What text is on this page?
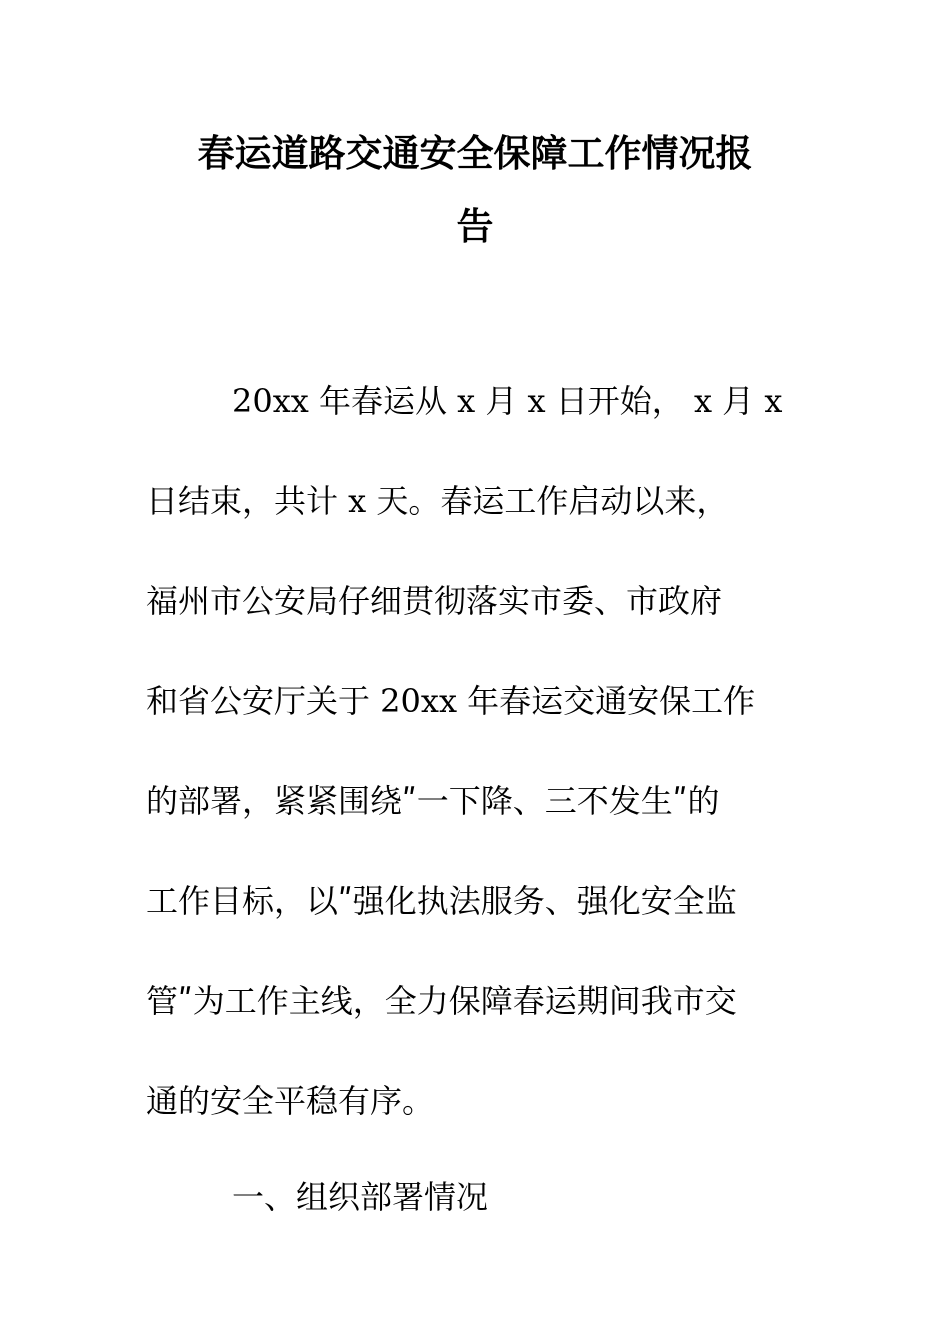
春运道路交通安全保障工作情况报
告
20xx 年春运从 x 月 x 日开始， x 月 x
日结束，共计 x 天。春运工作启动以来，
福州市公安局仔细贯彻落实市委、市政府
和省公安厅关于 20xx 年春运交通安保工作
的部署，紧紧围绕ʺ一下降、三不发生ʺ的
工作目标，以ʺ强化执法服务、强化安全监
管ʺ为工作主线，全力保障春运期间我市交
通的安全平稳有序。
一、组织部署情况
